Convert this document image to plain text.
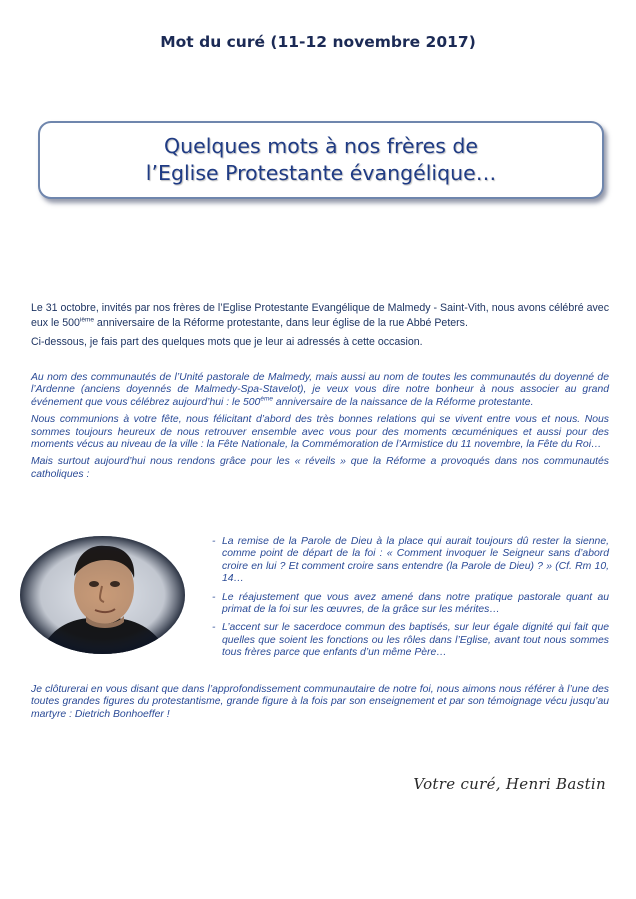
Mot du curé (11-12 novembre 2017)
Quelques mots à nos frères de
l’Eglise Protestante évangélique…

Le 31 octobre, invités par nos frères de l’Eglise Protestante Evangélique de Malmedy - Saint-Vith, nous avons célébré avec eux le 500ième anniversaire de la Réforme protestante, dans leur église de la rue Abbé Peters.

Ci-dessous, je fais part des quelques mots que je leur ai adressés à cette occasion.

Au nom des communautés de l’Unité pastorale de Malmedy, mais aussi au nom de toutes les communautés du doyenné de l’Ardenne (anciens doyennés de Malmedy-Spa-Stavelot), je veux vous dire notre bonheur à nous associer au grand événement que vous célébrez aujourd’hui : le 500ème anniversaire de la naissance de la Réforme protestante.

Nous communions à votre fête, nous félicitant d’abord des très bonnes relations qui se vivent entre vous et nous. Nous sommes toujours heureux de nous retrouver ensemble avec vous pour des moments œcuméniques et aussi pour des moments vécus au niveau de la ville : la Fête Nationale, la Commémoration de l’Armistice du 11 novembre, la Fête du Roi…

Mais surtout aujourd’hui nous rendons grâce pour les « réveils » que la Réforme a provoqués dans nos communautés catholiques :

- La remise de la Parole de Dieu à la place qui aurait toujours dû rester la sienne, comme point de départ de la foi : « Comment invoquer le Seigneur sans d’abord croire en lui ? Et comment croire sans entendre (la Parole de Dieu) ? » (Cf. Rm 10, 14…
- Le réajustement que vous avez amené dans notre pratique pastorale quant au primat de la foi sur les œuvres, de la grâce sur les mérites…
- L’accent sur le sacerdoce commun des baptisés, sur leur égale dignité qui fait que quelles que soient les fonctions ou les rôles dans l’Eglise, avant tout nous sommes tous frères parce que enfants d’un même Père…

Je clôturerai en vous disant que dans l’approfondissement communautaire de notre foi, nous aimons nous référer à l’une des toutes grandes figures du protestantisme, grande figure à la fois par son enseignement et par son témoignage vécu jusqu’au martyre : Dietrich Bonhoeffer !

Votre curé, Henri Bastin
